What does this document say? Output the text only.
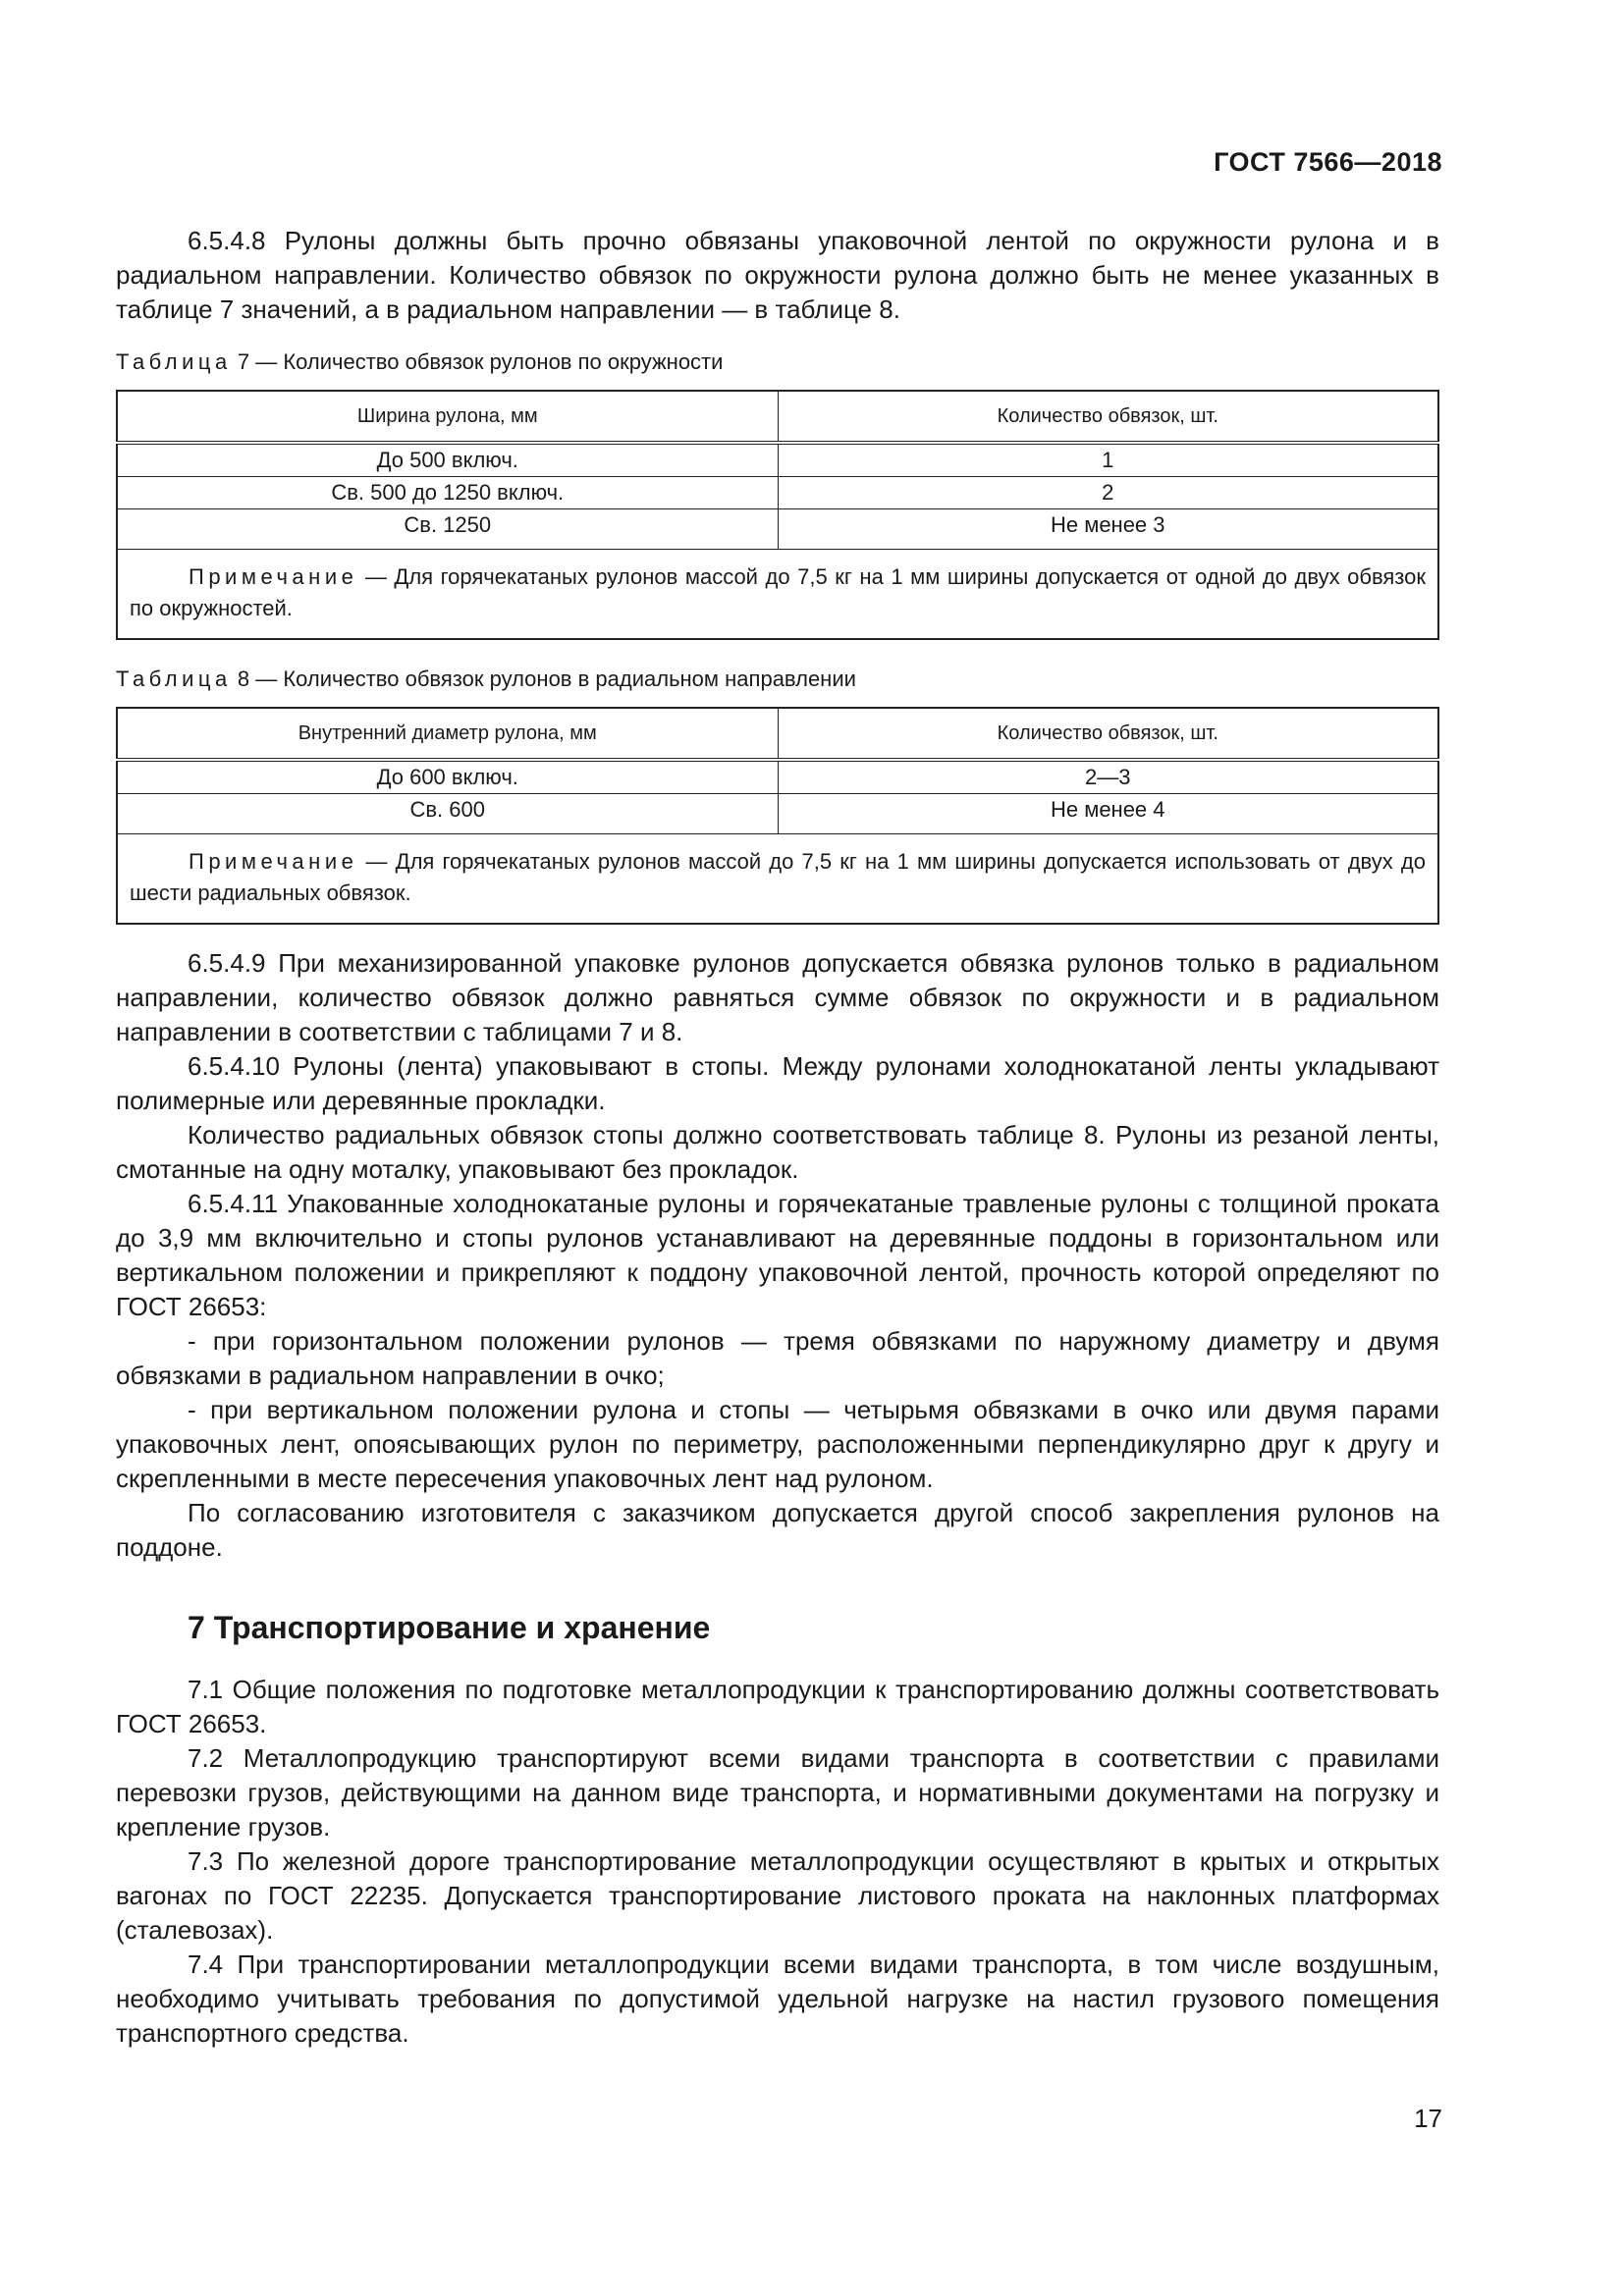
ГОСТ 7566—2018

6.5.4.8 Рулоны должны быть прочно обвязаны упаковочной лентой по окружности рулона и в радиальном направлении. Количество обвязок по окружности рулона должно быть не менее указанных в таблице 7 значений, а в радиальном направлении — в таблице 8.

Таблица 7 — Количество обвязок рулонов по окружности
Ширина рулона, мм	Количество обвязок, шт.
До 500 включ.	1
Св. 500 до 1250 включ.	2
Св. 1250	Не менее 3

Примечание — Для горячекатаных рулонов массой до 7,5 кг на 1 мм ширины допускается от одной до двух обвязок по окружностей.	

Таблица 8 — Количество обвязок рулонов в радиальном направлении
Внутренний диаметр рулона, мм	Количество обвязок, шт.
До 600 включ.	2—3
Св. 600	Не менее 4

Примечание — Для горячекатаных рулонов массой до 7,5 кг на 1 мм ширины допускается использовать от двух до шести радиальных обвязок.	

6.5.4.9 При механизированной упаковке рулонов допускается обвязка рулонов только в радиальном направлении, количество обвязок должно равняться сумме обвязок по окружности и в радиальном направлении в соответствии с таблицами 7 и 8.

6.5.4.10 Рулоны (лента) упаковывают в стопы. Между рулонами холоднокатаной ленты укладывают полимерные или деревянные прокладки.

Количество радиальных обвязок стопы должно соответствовать таблице 8. Рулоны из резаной ленты, смотанные на одну моталку, упаковывают без прокладок.

6.5.4.11 Упакованные холоднокатаные рулоны и горячекатаные травленые рулоны с толщиной проката до 3,9 мм включительно и стопы рулонов устанавливают на деревянные поддоны в горизонтальном или вертикальном положении и прикрепляют к поддону упаковочной лентой, прочность которой определяют по ГОСТ 26653:

- при горизонтальном положении рулонов — тремя обвязками по наружному диаметру и двумя обвязками в радиальном направлении в очко;

- при вертикальном положении рулона и стопы — четырьмя обвязками в очко или двумя парами упаковочных лент, опоясывающих рулон по периметру, расположенными перпендикулярно друг к другу и скрепленными в месте пересечения упаковочных лент над рулоном.

По согласованию изготовителя с заказчиком допускается другой способ закрепления рулонов на поддоне.

7 Транспортирование и хранение

7.1 Общие положения по подготовке металлопродукции к транспортированию должны соответствовать ГОСТ 26653.

7.2 Металлопродукцию транспортируют всеми видами транспорта в соответствии с правилами перевозки грузов, действующими на данном виде транспорта, и нормативными документами на погрузку и крепление грузов.

7.3 По железной дороге транспортирование металлопродукции осуществляют в крытых и открытых вагонах по ГОСТ 22235. Допускается транспортирование листового проката на наклонных платформах (сталевозах).

7.4 При транспортировании металлопродукции всеми видами транспорта, в том числе воздушным, необходимо учитывать требования по допустимой удельной нагрузке на настил грузового помещения транспортного средства.

17
